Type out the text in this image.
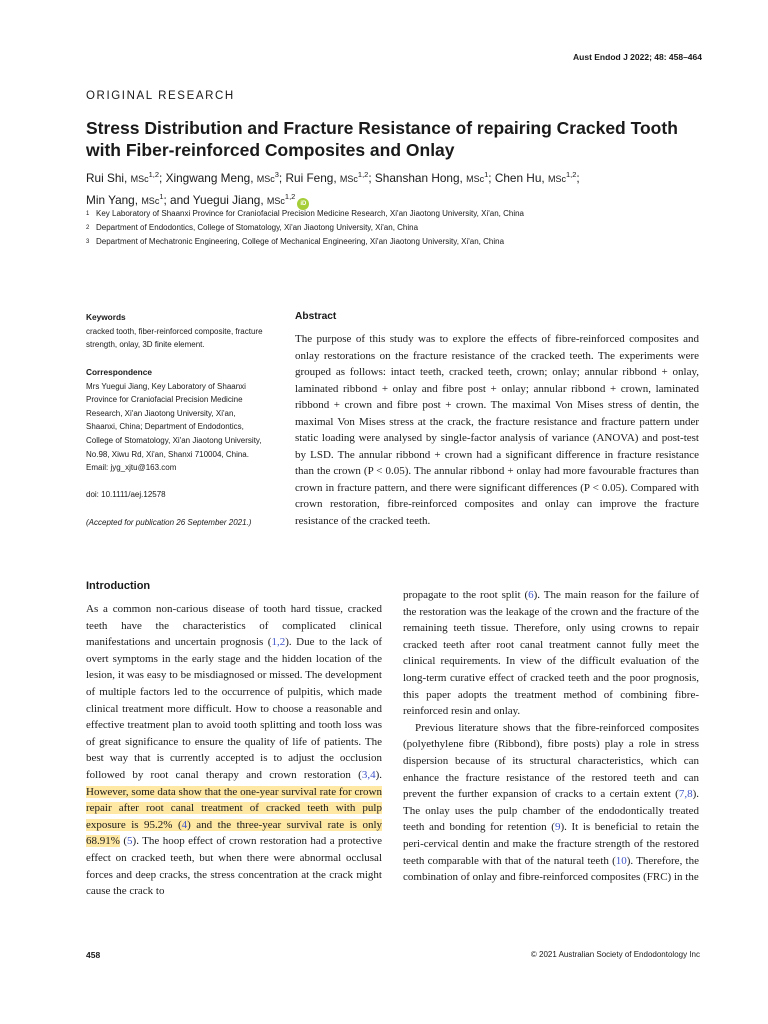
Aust Endod J 2022; 48: 458–464
ORIGINAL RESEARCH
Stress Distribution and Fracture Resistance of repairing Cracked Tooth with Fiber-reinforced Composites and Onlay
Rui Shi, MSc$^{1,2}$; Xingwang Meng, MSc$^3$; Rui Feng, MSc$^{1,2}$; Shanshan Hong, MSc$^1$; Chen Hu, MSc$^{1,2}$;
Min Yang, MSc$^1$; and Yuegui Jiang, MSc$^{1,2}$iD
1 Key Laboratory of Shaanxi Province for Craniofacial Precision Medicine Research, Xi'an Jiaotong University, Xi'an, China
2 Department of Endodontics, College of Stomatology, Xi'an Jiaotong University, Xi'an, China
3 Department of Mechatronic Engineering, College of Mechanical Engineering, Xi'an Jiaotong University, Xi'an, China
Keywords
cracked tooth, fiber-reinforced composite, fracture strength, onlay, 3D finite element.
Correspondence
Mrs Yuegui Jiang, Key Laboratory of Shaanxi Province for Craniofacial Precision Medicine Research, Xi'an Jiaotong University, Xi'an, Shaanxi, China; Department of Endodontics, College of Stomatology, Xi'an Jiaotong University, No.98, Xiwu Rd, Xi'an, Shanxi 710004, China. Email: jyg_xjtu@163.com
doi: 10.1111/aej.12578
(Accepted for publication 26 September 2021.)
Abstract

The purpose of this study was to explore the effects of fibre-reinforced composites and onlay restorations on the fracture resistance of the cracked teeth. The experiments were grouped as follows: intact teeth, cracked teeth, crown; onlay; annular ribbond + onlay, laminated ribbond + onlay and fibre post + onlay; annular ribbond + crown, laminated ribbond + crown and fibre post + crown. The maximal Von Mises stress of dentin, the maximal Von Mises stress at the crack, the fracture resistance and fracture pattern under static loading were analysed by single-factor analysis of variance (ANOVA) and post-test by LSD. The annular ribbond + crown had a significant difference in fracture resistance than the crown (P < 0.05). The annular ribbond + onlay had more favourable fractures than crown in fracture pattern, and there were significant differences (P < 0.05). Compared with crown restoration, fibre-reinforced composites and onlay can improve the fracture resistance of the cracked teeth.

Introduction

As a common non-carious disease of tooth hard tissue, cracked teeth have the characteristics of complicated clinical manifestations and uncertain prognosis (1,2). Due to the lack of overt symptoms in the early stage and the hidden location of the lesion, it was easy to be misdiagnosed or missed. The development of multiple factors led to the occurrence of pulpitis, which made clinical treatment more difficult. How to choose a reasonable and effective treatment plan to avoid tooth splitting and tooth loss was of great significance to ensure the quality of life of patients. The best way that is currently accepted is to adjust the occlusion followed by root canal therapy and crown restoration (3,4). However, some data show that the one-year survival rate for crown repair after root canal treatment of cracked teeth with pulp exposure is 95.2% (4) and the three-year survival rate is only 68.91% (5). The hoop effect of crown restoration had a protective effect on cracked teeth, but when there were abnormal occlusal forces and deep cracks, the stress concentration at the crack might cause the crack to

propagate to the root split (6). The main reason for the failure of the restoration was the leakage of the crown and the fracture of the remaining teeth tissue. Therefore, only using crowns to repair cracked teeth after root canal treatment cannot fully meet the clinical requirements. In view of the difficult evaluation of the long-term curative effect of cracked teeth and the poor prognosis, this paper adopts the treatment method of combining fibre-reinforced resin and onlay.

Previous literature shows that the fibre-reinforced composites (polyethylene fibre (Ribbond), fibre posts) play a role in stress dispersion because of its structural characteristics, which can enhance the fracture resistance of the restored teeth and can prevent the further expansion of cracks to a certain extent (7,8). The onlay uses the pulp chamber of the endodontically treated teeth and bonding for retention (9). It is beneficial to retain the peri-cervical dentin and make the fracture strength of the restored teeth comparable with that of the natural teeth (10). Therefore, the combination of onlay and fibre-reinforced composites (FRC) in the

458	© 2021 Australian Society of Endodontology Inc
